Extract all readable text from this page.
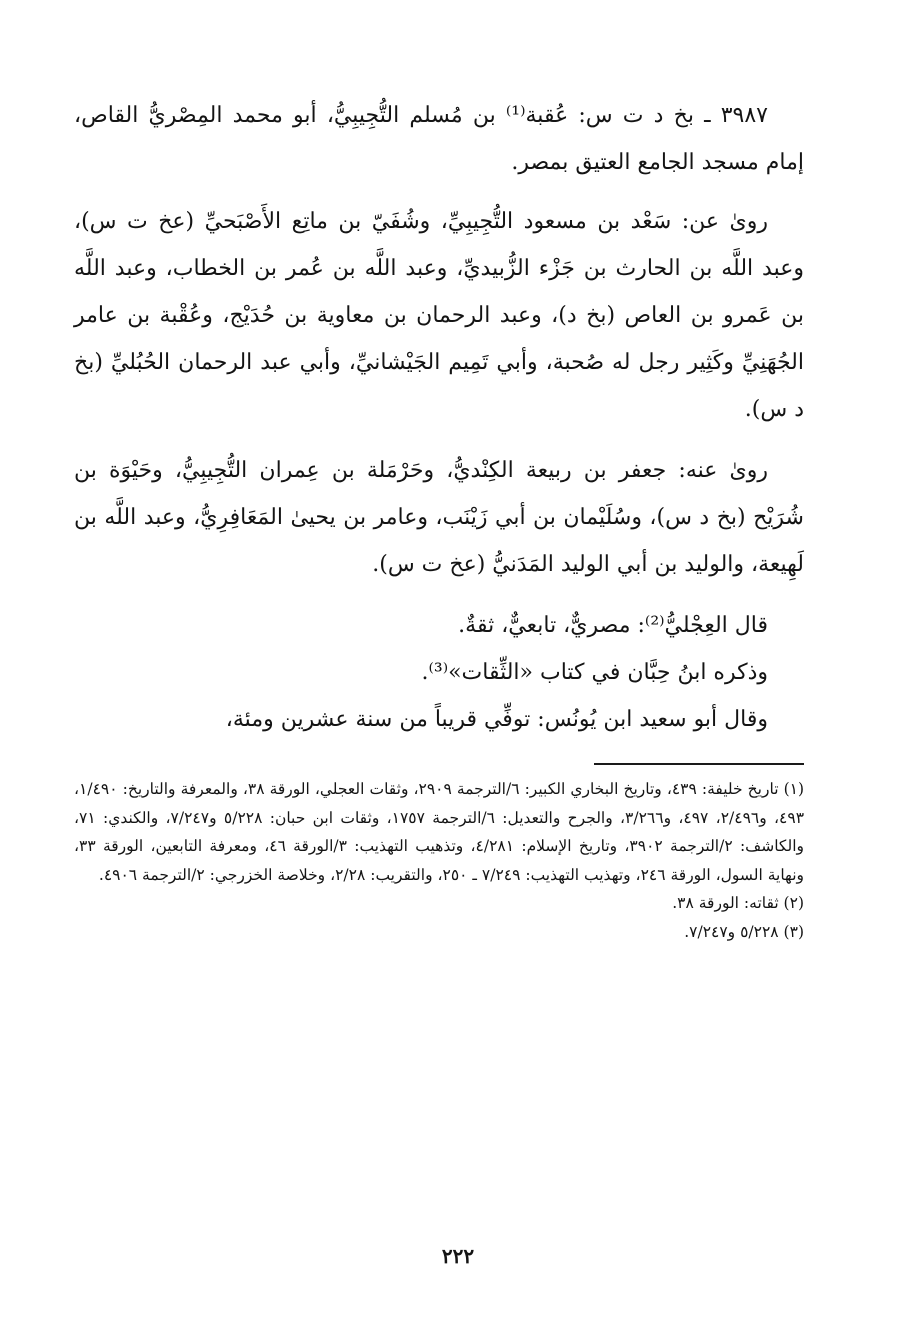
٣٩٨٧ ـ بخ د ت س: عُقبة⁽¹⁾ بن مُسلم التُّجِيبِيُّ، أبو محمد المِصْريُّ القاص، إمام مسجد الجامع العتيق بمصر.

روىٰ عن: سَعْد بن مسعود التُّجِيبِيِّ، وشُفَيّ بن ماتِع الأَصْبَحيِّ (عخ ت س)، وعبد اللَّه بن الحارث بن جَزْء الزُّبيديِّ، وعبد اللَّه بن عُمر بن الخطاب، وعبد اللَّه بن عَمرو بن العاص (بخ د)، وعبد الرحمان بن معاوية بن حُدَيْج، وعُقْبة بن عامر الجُهَنِيِّ وكَثِير رجل له صُحبة، وأبي تَمِيم الجَيْشانيِّ، وأبي عبد الرحمان الحُبُليِّ (بخ د س).

روىٰ عنه: جعفر بن ربيعة الكِنْديُّ، وحَرْمَلة بن عِمران التُّجِيبِيُّ، وحَيْوَة بن شُرَيْح (بخ د س)، وسُلَيْمان بن أبي زَيْنَب، وعامر بن يحيىٰ المَعَافِرِيُّ، وعبد اللَّه بن لَهِيعة، والوليد بن أبي الوليد المَدَنيُّ (عخ ت س).

قال العِجْليُّ⁽²⁾: مصريٌّ، تابعيٌّ، ثقةٌ.

وذكره ابنُ حِبَّان في كتاب «الثِّقات»⁽³⁾.

وقال أبو سعيد ابن يُونُس: توفِّي قريباً من سنة عشرين ومئة،

(١) تاريخ خليفة: ٤٣٩، وتاريخ البخاري الكبير: ٦/الترجمة ٢٩٠٩، وثقات العجلي، الورقة ٣٨، والمعرفة والتاريخ: ١/٤٩٠، ٤٩٣، و٢/٤٩٦، ٤٩٧، و٣/٢٦٦، والجرح والتعديل: ٦/الترجمة ١٧٥٧، وثقات ابن حبان: ٥/٢٢٨ و٧/٢٤٧، والكندي: ٧١، والكاشف: ٢/الترجمة ٣٩٠٢، وتاريخ الإسلام: ٤/٢٨١، وتذهيب التهذيب: ٣/الورقة ٤٦، ومعرفة التابعين، الورقة ٣٣، ونهاية السول، الورقة ٢٤٦، وتهذيب التهذيب: ٧/٢٤٩ ـ ٢٥٠، والتقريب: ٢/٢٨، وخلاصة الخزرجي: ٢/الترجمة ٤٩٠٦.

(٢) ثقاته: الورقة ٣٨.

(٣) ٥/٢٢٨ و٧/٢٤٧.

٢٢٢
